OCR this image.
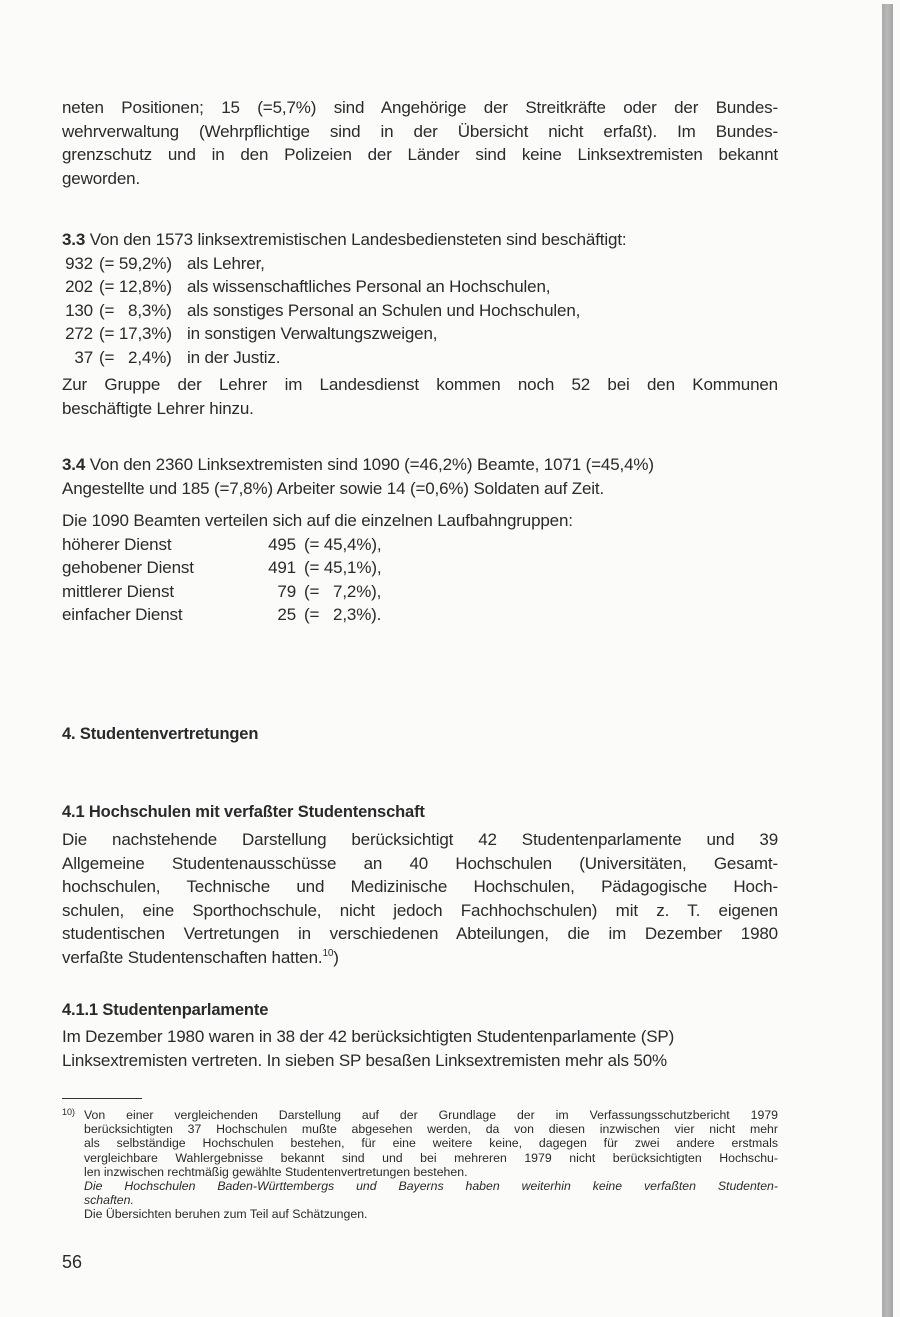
neten Positionen; 15 (=5,7%) sind Angehörige der Streitkräfte oder der Bundes-
wehrverwaltung (Wehrpflichtige sind in der Übersicht nicht erfaßt). Im Bundes-
grenzschutz und in den Polizeien der Länder sind keine Linksextremisten bekannt
geworden.
3.3 Von den 1573 linksextremistischen Landesbediensteten sind beschäftigt:
932 (= 59,2%) als Lehrer,
202 (= 12,8%) als wissenschaftliches Personal an Hochschulen,
130 (=   8,3%) als sonstiges Personal an Schulen und Hochschulen,
272 (= 17,3%) in sonstigen Verwaltungszweigen,
37 (=   2,4%) in der Justiz.
Zur Gruppe der Lehrer im Landesdienst kommen noch 52 bei den Kommunen
beschäftigte Lehrer hinzu.
3.4 Von den 2360 Linksextremisten sind 1090 (=46,2%) Beamte, 1071 (=45,4%)
Angestellte und 185 (=7,8%) Arbeiter sowie 14 (=0,6%) Soldaten auf Zeit.
Die 1090 Beamten verteilen sich auf die einzelnen Laufbahngruppen:
höherer Dienst	495 (= 45,4%),
gehobener Dienst	491 (= 45,1%),
mittlerer Dienst	79 (=   7,2%),
einfacher Dienst	25 (=   2,3%).
4. Studentenvertretungen
4.1 Hochschulen mit verfaßter Studentenschaft
Die nachstehende Darstellung berücksichtigt 42 Studentenparlamente und 39
Allgemeine Studentenausschüsse an 40 Hochschulen (Universitäten, Gesamt-
hochschulen, Technische und Medizinische Hochschulen, Pädagogische Hoch-
schulen, eine Sporthochschule, nicht jedoch Fachhochschulen) mit z. T. eigenen
studentischen Vertretungen in verschiedenen Abteilungen, die im Dezember 1980
verfaßte Studentenschaften hatten.$^{10}$)
4.1.1 Studentenparlamente
Im Dezember 1980 waren in 38 der 42 berücksichtigten Studentenparlamente (SP)
Linksextremisten vertreten. In sieben SP besaßen Linksextremisten mehr als 50%
10) Von einer vergleichenden Darstellung auf der Grundlage der im Verfassungsschutzbericht 1979
berücksichtigten 37 Hochschulen mußte abgesehen werden, da von diesen inzwischen vier nicht mehr
als selbständige Hochschulen bestehen, für eine weitere keine, dagegen für zwei andere erstmals
vergleichbare Wahlergebnisse bekannt sind und bei mehreren 1979 nicht berücksichtigten Hochschu-
len inzwischen rechtmäßig gewählte Studentenvertretungen bestehen.
Die Hochschulen Baden-Württembergs und Bayerns haben weiterhin keine verfaßten Studenten-
schaften.
Die Übersichten beruhen zum Teil auf Schätzungen.
56
